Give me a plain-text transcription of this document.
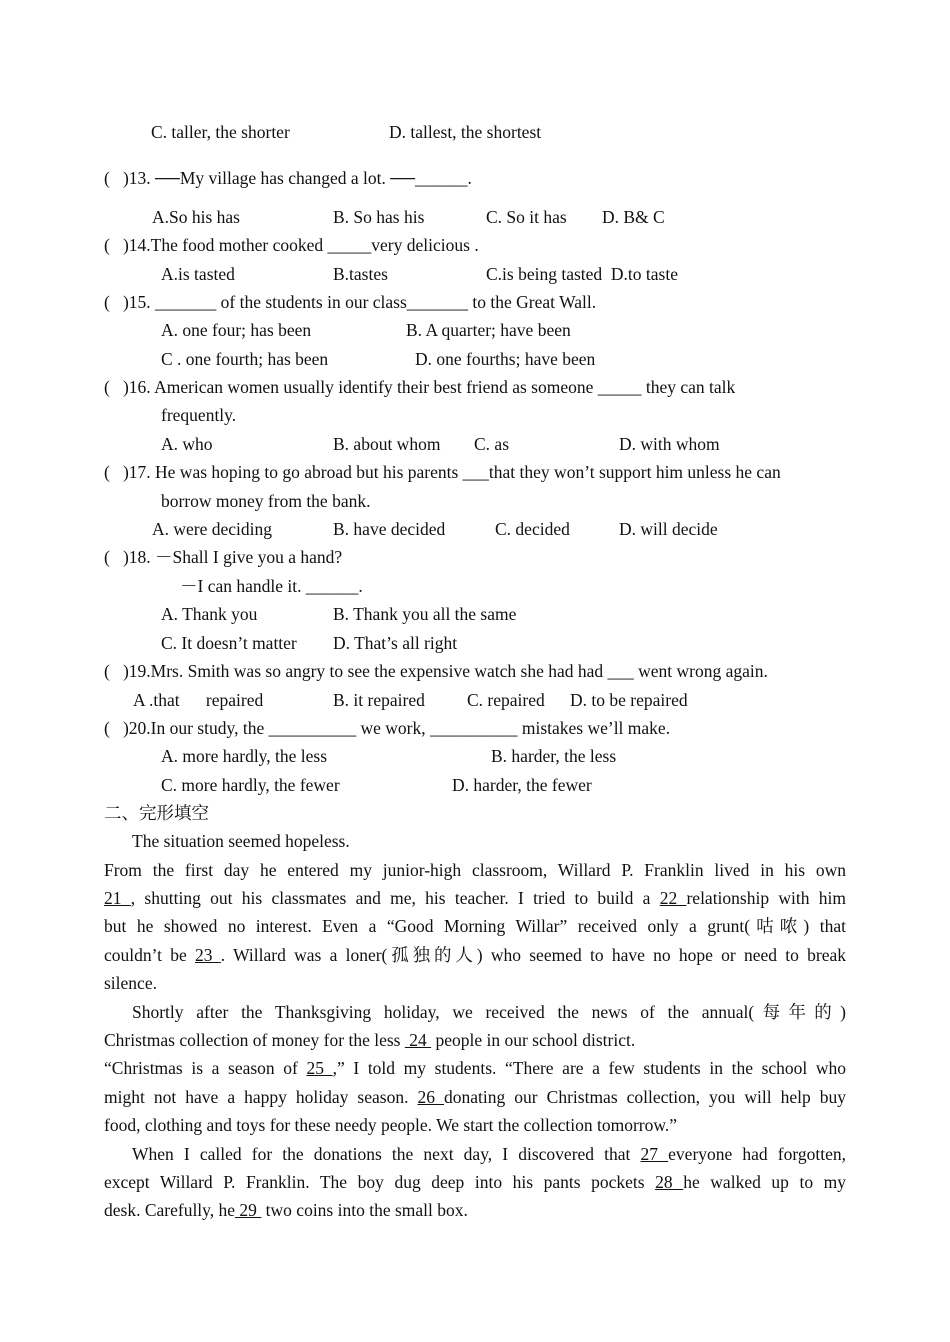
C. taller, the shorter	D. tallest, the shortest
(   )13. ──My village has changed a lot. ──______.
A.So his has	B. So has his	C. So it has D. B& C
(   )14.The food mother cooked _____very delicious .
A.is tasted	B.tastes	C.is being tasted  D.to taste
(   )15. _______ of the students in our class_______ to the Great Wall.
A. one four; has been	B. A quarter; have been
C . one fourth; has been	D. one fourths; have been
(   )16. American women usually identify their best friend as someone _____ they can talk
frequently.
A. who	B. about whom C. as	D. with whom
(   )17. He was hoping to go abroad but his parents ___that they won’t support him unless he can
borrow money from the bank.
A. were deciding	B. have decided	C. decided	D. will decide
(   )18. －Shall I give you a hand?
－I can handle it. ______.
A. Thank you	B. Thank you all the same
C. It doesn’t matter D. That’s all right
(   )19.Mrs. Smith was so angry to see the expensive watch she had had ___ went wrong again.
A .that      repaired	B. it repaired C. repaired D. to be repaired
(   )20.In our study, the __________ we work, __________ mistakes we’ll make.
A. more hardly, the less	B. harder, the less
C. more hardly, the fewer	D. harder, the fewer
二、完形填空
The situation seemed hopeless.
From the first day he entered my junior-high classroom, Willard P. Franklin lived in his own
21 , shutting out his classmates and me, his teacher. I tried to build a 22 relationship with him
but he showed no interest. Even a “Good Morning Willar” received only a grunt(咕哝) that
couldn’t be 23 . Willard was a loner(孤独的人) who seemed to have no hope or need to break
silence.
Shortly after the Thanksgiving holiday, we received the news of the annual(每年的)
Christmas collection of money for the less  24  people in our school district.
“Christmas is a season of 25 ,” I told my students. “There are a few students in the school who
might not have a happy holiday season. 26 donating our Christmas collection, you will help buy
food, clothing and toys for these needy people. We start the collection tomorrow.”
When I called for the donations the next day, I discovered that 27 everyone had forgotten,
except Willard P. Franklin. The boy dug deep into his pants pockets 28 he walked up to my
desk. Carefully, he 29  two coins into the small box.
